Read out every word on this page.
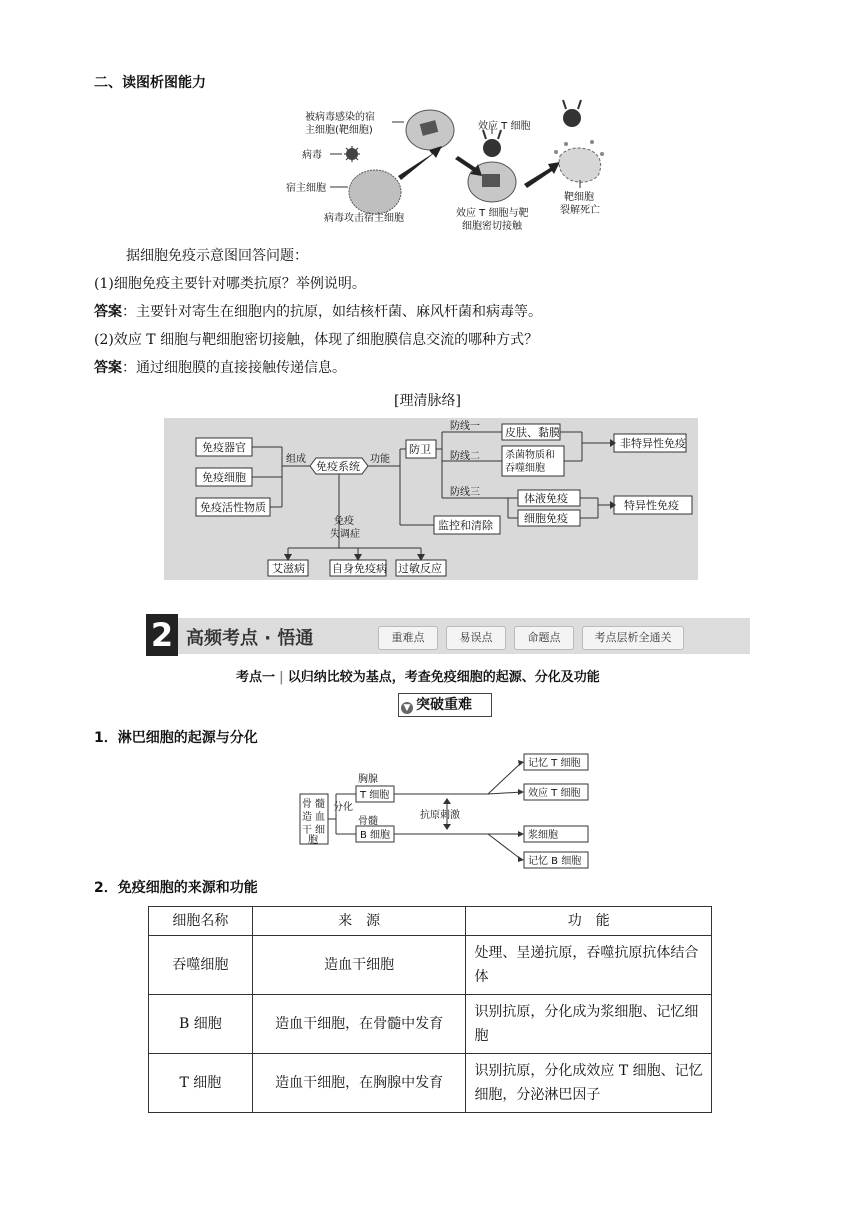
二、读图析图能力
被病毒感染的宿
主细胞(靶细胞)
病毒
宿主细胞
病毒攻击宿主细胞
效应 T 细胞
效应 T 细胞与靶
细胞密切接触
靶细胞
裂解死亡
据细胞免疫示意图回答问题：
(1)细胞免疫主要针对哪类抗原？举例说明。
答案：主要针对寄生在细胞内的抗原，如结核杆菌、麻风杆菌和病毒等。
(2)效应 T 细胞与靶细胞密切接触，体现了细胞膜信息交流的哪种方式？
答案：通过细胞膜的直接接触传递信息。
[理清脉络]
免疫器官
免疫细胞
免疫活性物质
组成
免疫系统
功能
防卫
防线一
防线二
防线三
皮肤、黏膜
杀菌物质和
吞噬细胞
非特异性免疫
体液免疫
细胞免疫
特异性免疫
监控和清除
免疫
失调症
艾滋病 自身免疫病 过敏反应
2 高频考点 · 悟通	重难点	易误点	命题点	考点层析全通关
考点一 | 以归纳比较为基点，考查免疫细胞的起源、分化及功能
▼ 突破重难
1．淋巴细胞的起源与分化
骨 髓
造 血
干 细
胞
分化
胸腺
骨髓
T 细胞
B 细胞
抗原刺激
记忆 T 细胞
效应 T 细胞
浆细胞
记忆 B 细胞
2．免疫细胞的来源和功能
细胞名称	来　源	功　能
吞噬细胞	造血干细胞	处理、呈递抗原，吞噬抗原抗体结合体
B 细胞	造血干细胞，在骨髓中发育	识别抗原，分化成为浆细胞、记忆细胞
T 细胞	造血干细胞，在胸腺中发育	识别抗原，分化成效应 T 细胞、记忆细胞，分泌淋巴因子
